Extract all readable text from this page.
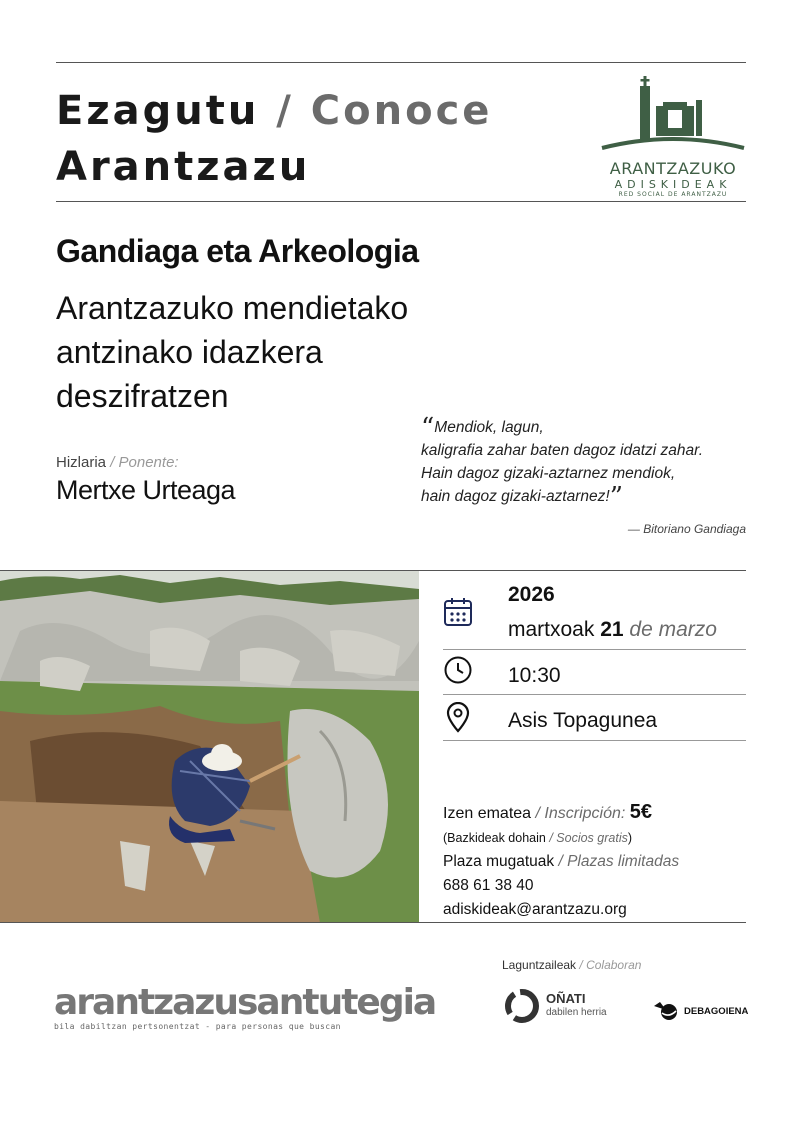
Ezagutu / Conoce
Arantzazu	ARANTZAZUKO
ADISKIDEAK
RED SOCIAL DE ARANTZAZU
Gandiaga eta Arkeologia
Arantzazuko mendietako
antzinako idazkera
deszifratzen
Hizlaria / Ponente:
Mertxe Urteaga
“Mendiok, lagun,
kaligrafia zahar baten dagoz idatzi zahar.
Hain dagoz gizaki-aztarnez mendiok,
hain dagoz gizaki-aztarnez!”
— Bitoriano Gandiaga
2026
martxoak 21 de marzo
10:30
Asis Topagunea
Izen ematea / Inscripción: 5€
(Bazkideak dohain / Socios gratis)
Plaza mugatuak / Plazas limitadas
688 61 38 40
adiskideak@arantzazu.org
arantzazusantutegia
bila dabiltzan pertsonentzat - para personas que buscan
Laguntzaileak / Colaboran
OÑATI
dabilen herria	DEBAGOIENA
